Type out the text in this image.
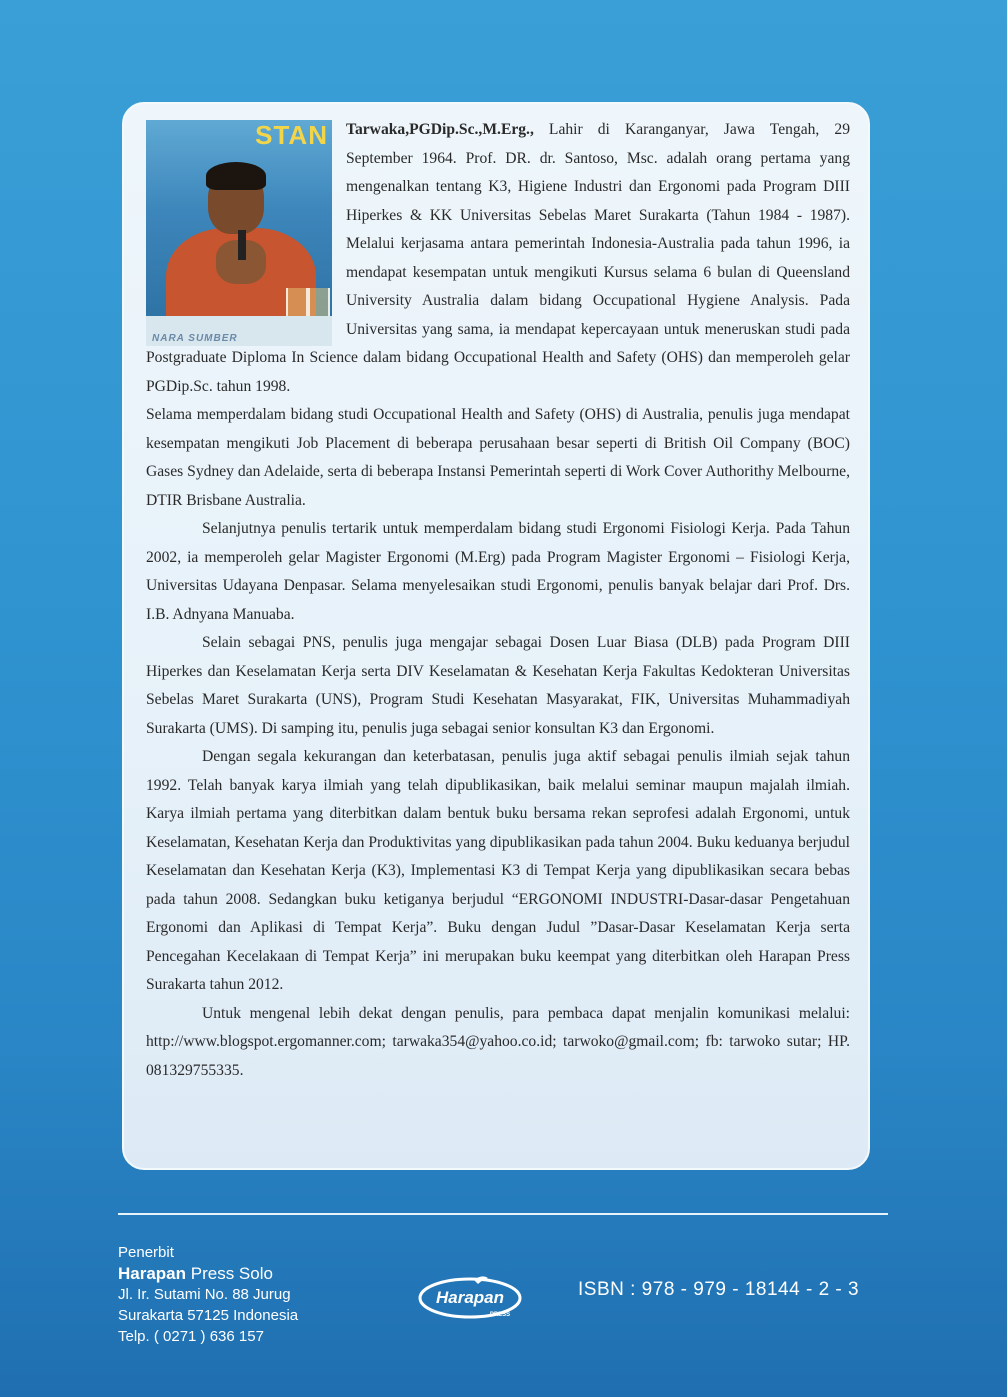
STAN
NARA SUMBER

Tarwaka,PGDip.Sc.,M.Erg., Lahir di Karanganyar, Jawa Tengah, 29 September 1964. Prof. DR. dr. Santoso, Msc. adalah orang pertama yang mengenalkan tentang K3, Higiene Industri dan Ergonomi pada Program DIII Hiperkes & KK Universitas Sebelas Maret Surakarta (Tahun 1984 - 1987). Melalui kerjasama antara pemerintah Indonesia-Australia pada tahun 1996, ia mendapat kesempatan untuk mengikuti Kursus selama 6 bulan di Queensland University Australia dalam bidang Occupational Hygiene Analysis. Pada Universitas yang sama, ia mendapat kepercayaan untuk meneruskan studi pada Postgraduate Diploma In Science dalam bidang Occupational Health and Safety (OHS) dan memperoleh gelar PGDip.Sc. tahun 1998.

Selama memperdalam bidang studi Occupational Health and Safety (OHS) di Australia, penulis juga mendapat kesempatan mengikuti Job Placement di beberapa perusahaan besar seperti di British Oil Company (BOC) Gases Sydney dan Adelaide, serta di beberapa Instansi Pemerintah seperti di Work Cover Authorithy Melbourne, DTIR Brisbane Australia.

Selanjutnya penulis tertarik untuk memperdalam bidang studi Ergonomi Fisiologi Kerja. Pada Tahun 2002, ia memperoleh gelar Magister Ergonomi (M.Erg) pada Program Magister Ergonomi – Fisiologi Kerja, Universitas Udayana Denpasar. Selama menyelesaikan studi Ergonomi, penulis banyak belajar dari Prof. Drs. I.B. Adnyana Manuaba.

Selain sebagai PNS, penulis juga mengajar sebagai Dosen Luar Biasa (DLB) pada Program DIII Hiperkes dan Keselamatan Kerja serta DIV Keselamatan & Kesehatan Kerja Fakultas Kedokteran Universitas Sebelas Maret Surakarta (UNS), Program Studi Kesehatan Masyarakat, FIK, Universitas Muhammadiyah Surakarta (UMS). Di samping itu, penulis juga sebagai senior konsultan K3 dan Ergonomi.

Dengan segala kekurangan dan keterbatasan, penulis juga aktif sebagai penulis ilmiah sejak tahun 1992. Telah banyak karya ilmiah yang telah dipublikasikan, baik melalui seminar maupun majalah ilmiah. Karya ilmiah pertama yang diterbitkan dalam bentuk buku bersama rekan seprofesi adalah Ergonomi, untuk Keselamatan, Kesehatan Kerja dan Produktivitas yang dipublikasikan pada tahun 2004. Buku keduanya berjudul Keselamatan dan Kesehatan Kerja (K3), Implementasi K3 di Tempat Kerja yang dipublikasikan secara bebas pada tahun 2008. Sedangkan buku ketiganya berjudul “ERGONOMI INDUSTRI-Dasar-dasar Pengetahuan Ergonomi dan Aplikasi di Tempat Kerja”. Buku dengan Judul ”Dasar-Dasar Keselamatan Kerja serta Pencegahan Kecelakaan di Tempat Kerja” ini merupakan buku keempat yang diterbitkan oleh Harapan Press Surakarta tahun 2012.

Untuk mengenal lebih dekat dengan penulis, para pembaca dapat menjalin komunikasi melalui: http://www.blogspot.ergomanner.com; tarwaka354@yahoo.co.id; tarwoko@gmail.com; fb: tarwoko sutar; HP. 081329755335.

Penerbit
Harapan Press Solo
Jl. Ir. Sutami No. 88 Jurug
Surakarta 57125 Indonesia
Telp. ( 0271 ) 636 157
Harapan
PRESS
ISBN : 978 - 979 - 18144 - 2 - 3
